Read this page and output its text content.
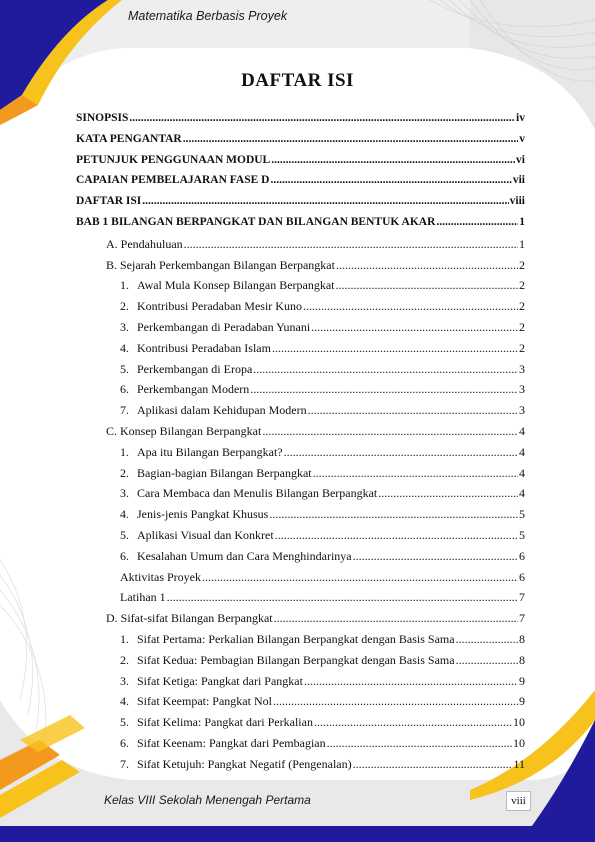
Matematika Berbasis Proyek
DAFTAR ISI
SINOPSIS .....	iv
KATA PENGANTAR .....	v
PETUNJUK PENGGUNAAN MODUL .....	vi
CAPAIAN PEMBELAJARAN FASE D .....	vii
DAFTAR ISI .....	viii
BAB 1 BILANGAN BERPANGKAT DAN BILANGAN BENTUK AKAR .....	1
A. Pendahuluan .....	1
B. Sejarah Perkembangan Bilangan Berpangkat .....	2
1. Awal Mula Konsep Bilangan Berpangkat .....	2
2. Kontribusi Peradaban Mesir Kuno .....	2
3. Perkembangan di Peradaban Yunani .....	2
4. Kontribusi Peradaban Islam .....	2
5. Perkembangan di Eropa .....	3
6. Perkembangan Modern .....	3
7. Aplikasi dalam Kehidupan Modern .....	3
C. Konsep Bilangan Berpangkat .....	4
1. Apa itu Bilangan Berpangkat? .....	4
2. Bagian-bagian Bilangan Berpangkat .....	4
3. Cara Membaca dan Menulis Bilangan Berpangkat .....	4
4. Jenis-jenis Pangkat Khusus .....	5
5. Aplikasi Visual dan Konkret .....	5
6. Kesalahan Umum dan Cara Menghindarinya .....	6
Aktivitas Proyek .....	6
Latihan 1 .....	7
D. Sifat-sifat Bilangan Berpangkat .....	7
1. Sifat Pertama: Perkalian Bilangan Berpangkat dengan Basis Sama .....	8
2. Sifat Kedua: Pembagian Bilangan Berpangkat dengan Basis Sama .....	8
3. Sifat Ketiga: Pangkat dari Pangkat .....	9
4. Sifat Keempat: Pangkat Nol .....	9
5. Sifat Kelima: Pangkat dari Perkalian .....	10
6. Sifat Keenam: Pangkat dari Pembagian .....	10
7. Sifat Ketujuh: Pangkat Negatif (Pengenalan) .....	11
Kelas VIII Sekolah Menengah Pertama	viii
